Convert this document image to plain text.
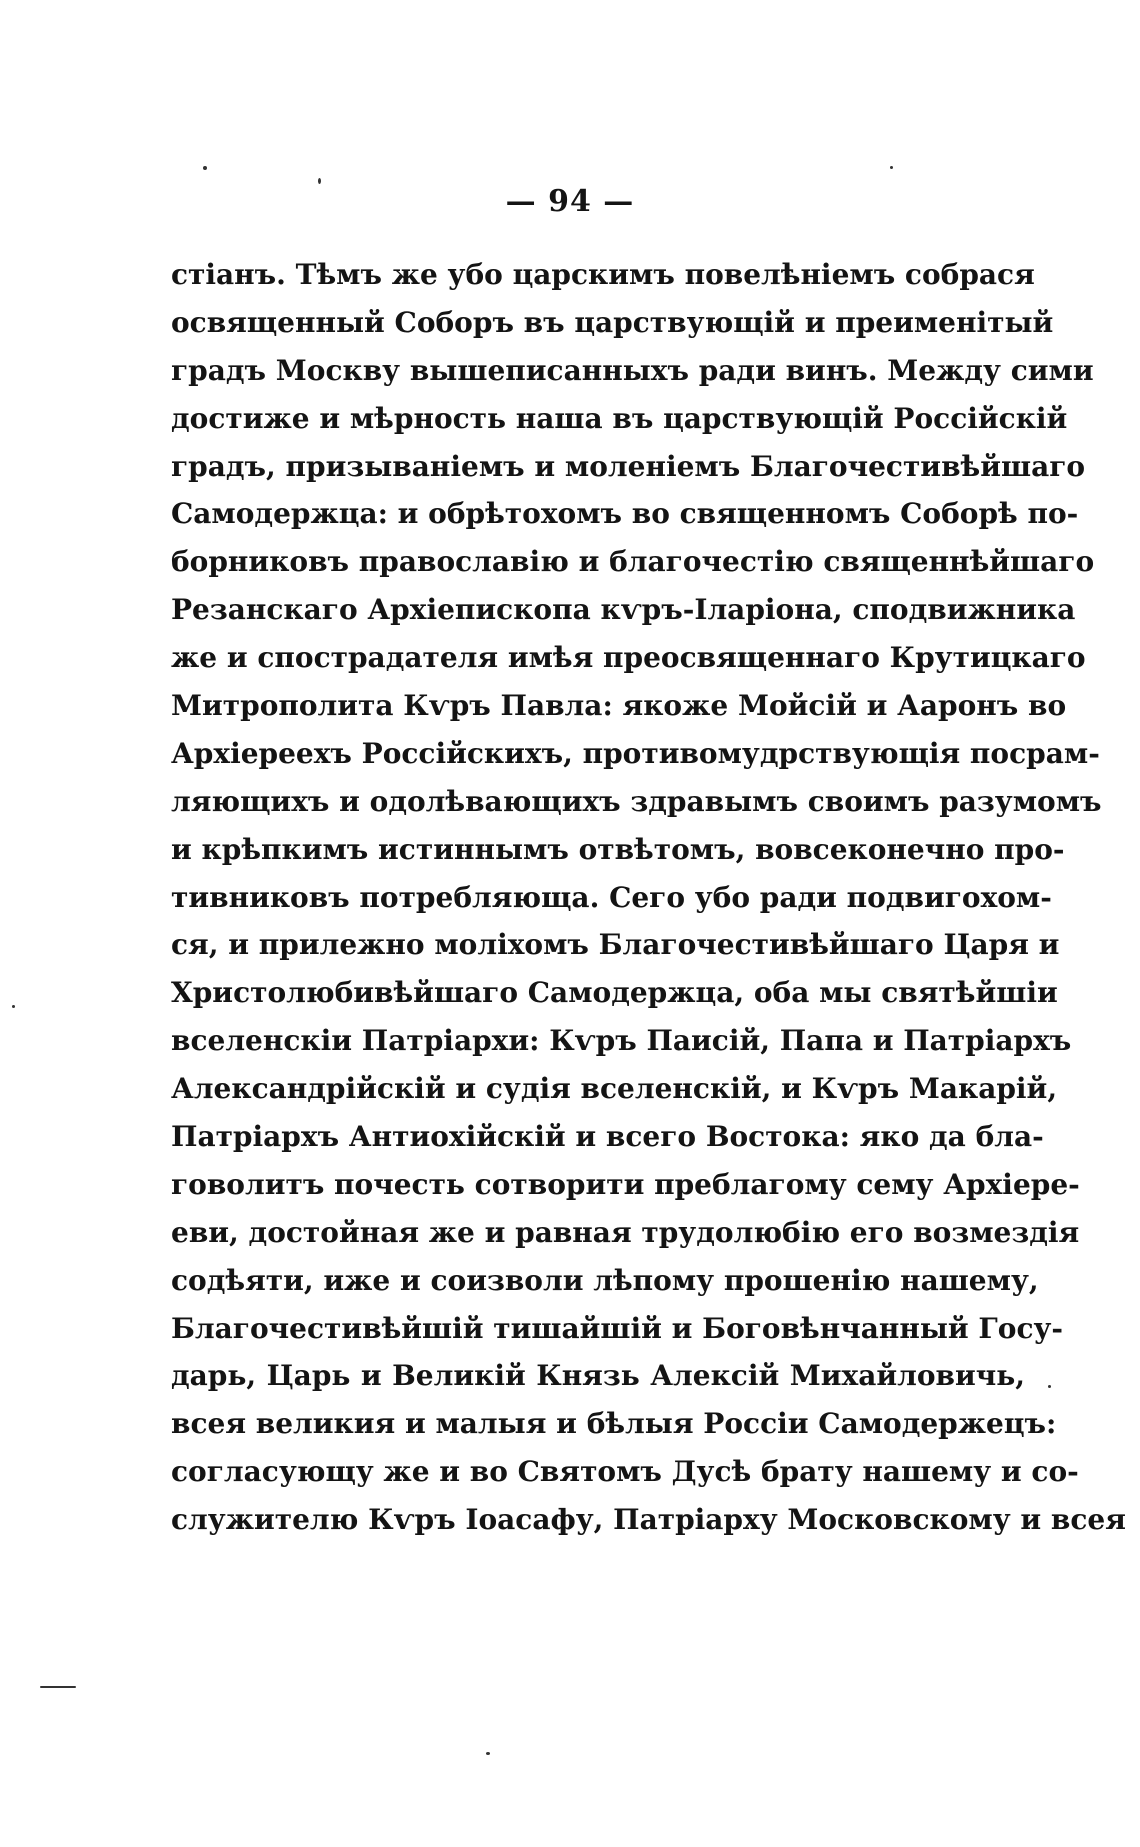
— 94 —
стіанъ. Тѣмъ же убо царскимъ повелѣніемъ собрася
освященный Соборъ въ царствующій и преименітый
градъ Москву вышеписанныхъ ради винъ. Между сими
достиже и мѣрность наша въ царствующій Россійскій
градъ, призываніемъ и моленіемъ Благочестивѣйшаго
Самодержца: и обрѣтохомъ во священномъ Соборѣ по-
борниковъ православію и благочестію священнѣйшаго
Резанскаго Архіепископа кѵръ-Іларіона, сподвижника
же и спострадателя имѣя преосвященнаго Крутицкаго
Митрополита Кѵръ Павла: якоже Мойсій и Ааронъ во
Архіереехъ Россійскихъ, противомудрствующія посрам-
ляющихъ и одолѣвающихъ здравымъ своимъ разумомъ
и крѣпкимъ истиннымъ отвѣтомъ, вовсеконечно про-
тивниковъ потребляюща. Сего убо ради подвигохом-
ся, и прилежно моліхомъ Благочестивѣйшаго Царя и
Христолюбивѣйшаго Самодержца, оба мы святѣйшіи
вселенскіи Патріархи: Кѵръ Паисій, Папа и Патріархъ
Александрійскій и судія вселенскій, и Кѵръ Макарій,
Патріархъ Антиохійскій и всего Востока: яко да бла-
говолитъ почесть сотворити преблагому сему Архіере-
еви, достойная же и равная трудолюбію его возмездія
содѣяти, иже и соизволи лѣпому прошенію нашему,
Благочестивѣйшій тишайшій и Боговѣнчанный Госу-
дарь, Царь и Великій Князь Алексій Михайловичь,
всея великия и малыя и бѣлыя Россіи Самодержецъ:
согласующу же и во Святомъ Дусѣ брату нашему и со-
служителю Кѵръ Іоасафу, Патріарху Московскому и всея
